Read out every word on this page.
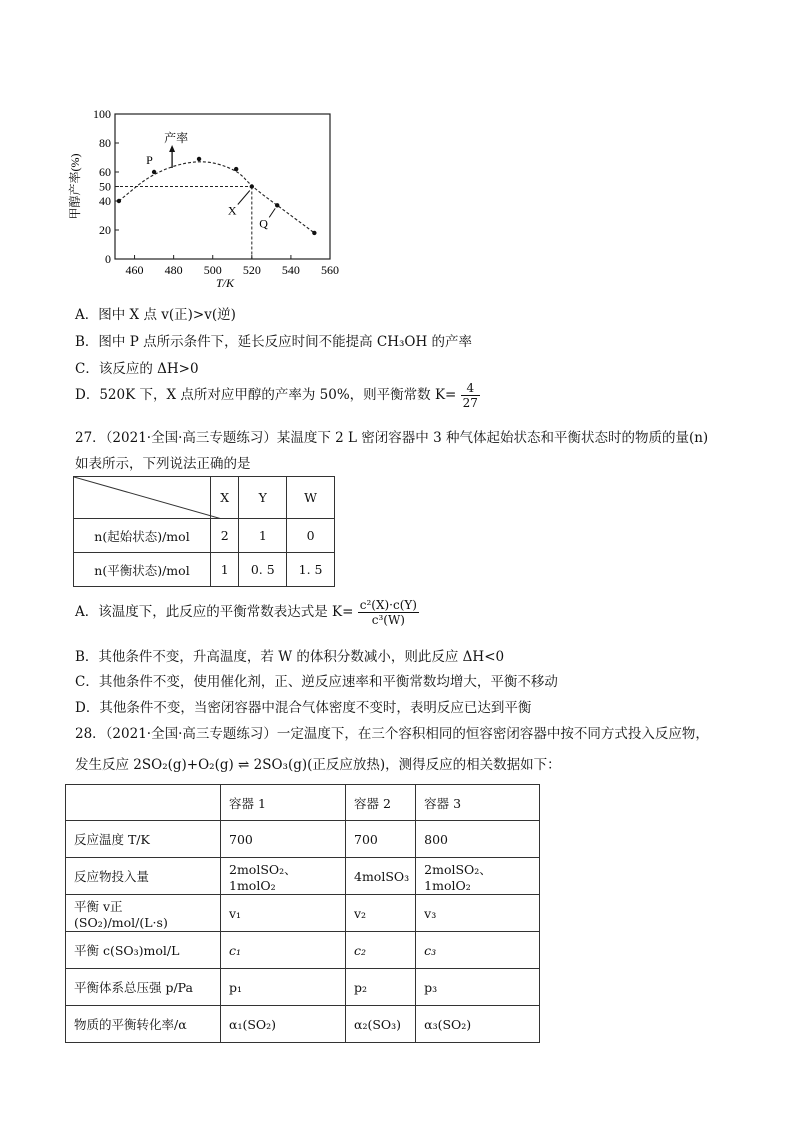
20
40
50
60
80
100
0
460 480 500 520 540 560
T/K
甲醇产率(%)	P
产率
X
Q
A．图中 X 点 v(正)>v(逆)
B．图中 P 点所示条件下，延长反应时间不能提高 CH₃OH 的产率
C．该反应的 ΔH>0
D．520K 下，X 点所对应甲醇的产率为 50%，则平衡常数 $K= \frac{4}{27}$
27．（2021·全国·高三专题练习）某温度下 2 L 密闭容器中 3 种气体起始状态和平衡状态时的物质的量(n)
如表所示，下列说法正确的是
	X	Y	W
n(起始状态)/mol	2	1	0
n(平衡状态)/mol	1	0. 5	1. 5
A．该温度下，此反应的平衡常数表达式是 $K= \frac{\text{c²(X)·c(Y)}}{\text{c³(W)}}$
B．其他条件不变，升高温度，若 W 的体积分数减小，则此反应 ΔH<0
C．其他条件不变，使用催化剂，正、逆反应速率和平衡常数均增大，平衡不移动
D．其他条件不变，当密闭容器中混合气体密度不变时，表明反应已达到平衡
28．（2021·全国·高三专题练习）一定温度下，在三个容积相同的恒容密闭容器中按不同方式投入反应物，
发生反应 2SO₂(g)+O₂(g) ⇌ 2SO₃(g)(正反应放热)，测得反应的相关数据如下：
	容器 1	容器 2	容器 3
反应温度 T/K	700	700	800
反应物投入量	2molSO₂、1molO₂	4molSO₃	2molSO₂、1molO₂
平衡 v正(SO₂)/mol/(L·s)	v₁	v₂	v₃
平衡 c(SO₃)mol/L	c₁	c₂	c₃
平衡体系总压强 p/Pa	p₁	p₂	p₃
物质的平衡转化率/α	α₁(SO₂)	α₂(SO₃)	α₃(SO₂)
